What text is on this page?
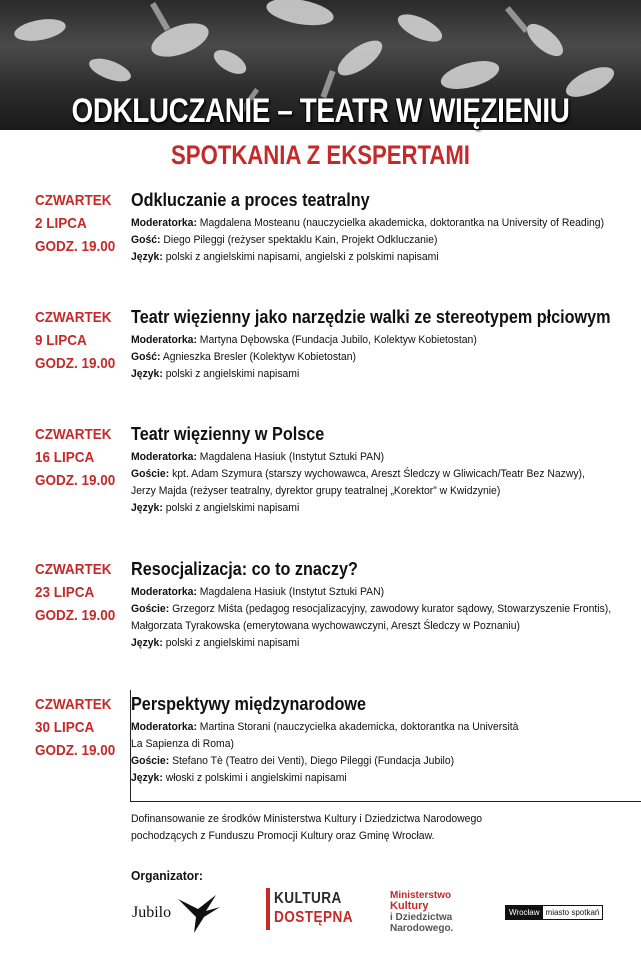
ODKLUCZANIE – TEATR W WIĘZIENIU
SPOTKANIA Z EKSPERTAMI
CZWARTEK
2 LIPCA
GODZ. 19.00
Odkluczanie a proces teatralny
Moderatorka: Magdalena Mosteanu (nauczycielka akademicka, doktorantka na University of Reading)
Gość: Diego Pileggi (reżyser spektaklu Kain, Projekt Odkluczanie)
Język: polski z angielskimi napisami, angielski z polskimi napisami
CZWARTEK
9 LIPCA
GODZ. 19.00
Teatr więzienny jako narzędzie walki ze stereotypem płciowym
Moderatorka: Martyna Dębowska (Fundacja Jubilo, Kolektyw Kobietostan)
Gość: Agnieszka Bresler (Kolektyw Kobietostan)
Język: polski z angielskimi napisami
CZWARTEK
16 LIPCA
GODZ. 19.00
Teatr więzienny w Polsce
Moderatorka: Magdalena Hasiuk (Instytut Sztuki PAN)
Goście: kpt. Adam Szymura (starszy wychowawca, Areszt Śledczy w Gliwicach/Teatr Bez Nazwy),
Jerzy Majda (reżyser teatralny, dyrektor grupy teatralnej „Korektor” w Kwidzynie)
Język: polski z angielskimi napisami
CZWARTEK
23 LIPCA
GODZ. 19.00
Resocjalizacja: co to znaczy?
Moderatorka: Magdalena Hasiuk (Instytut Sztuki PAN)
Goście: Grzegorz Miśta (pedagog resocjalizacyjny, zawodowy kurator sądowy, Stowarzyszenie Frontis),
Małgorzata Tyrakowska (emerytowana wychowawczyni, Areszt Śledczy w Poznaniu)
Język: polski z angielskimi napisami
CZWARTEK
30 LIPCA
GODZ. 19.00
Perspektywy międzynarodowe
Moderatorka: Martina Storani (nauczycielka akademicka, doktorantka na Università
La Sapienza di Roma)
Goście: Stefano Tè (Teatro dei Venti), Diego Pileggi (Fundacja Jubilo)
Język: włoski z polskimi i angielskimi napisami
Dofinansowanie ze środków Ministerstwa Kultury i Dziedzictwa Narodowego
pochodzących z Funduszu Promocji Kultury oraz Gminę Wrocław.
Organizator:
Jubilo
KULTURA
DOSTĘPNA
Ministerstwo
Kultury
i Dziedzictwa
Narodowego.
Wrocław miasto spotkań
